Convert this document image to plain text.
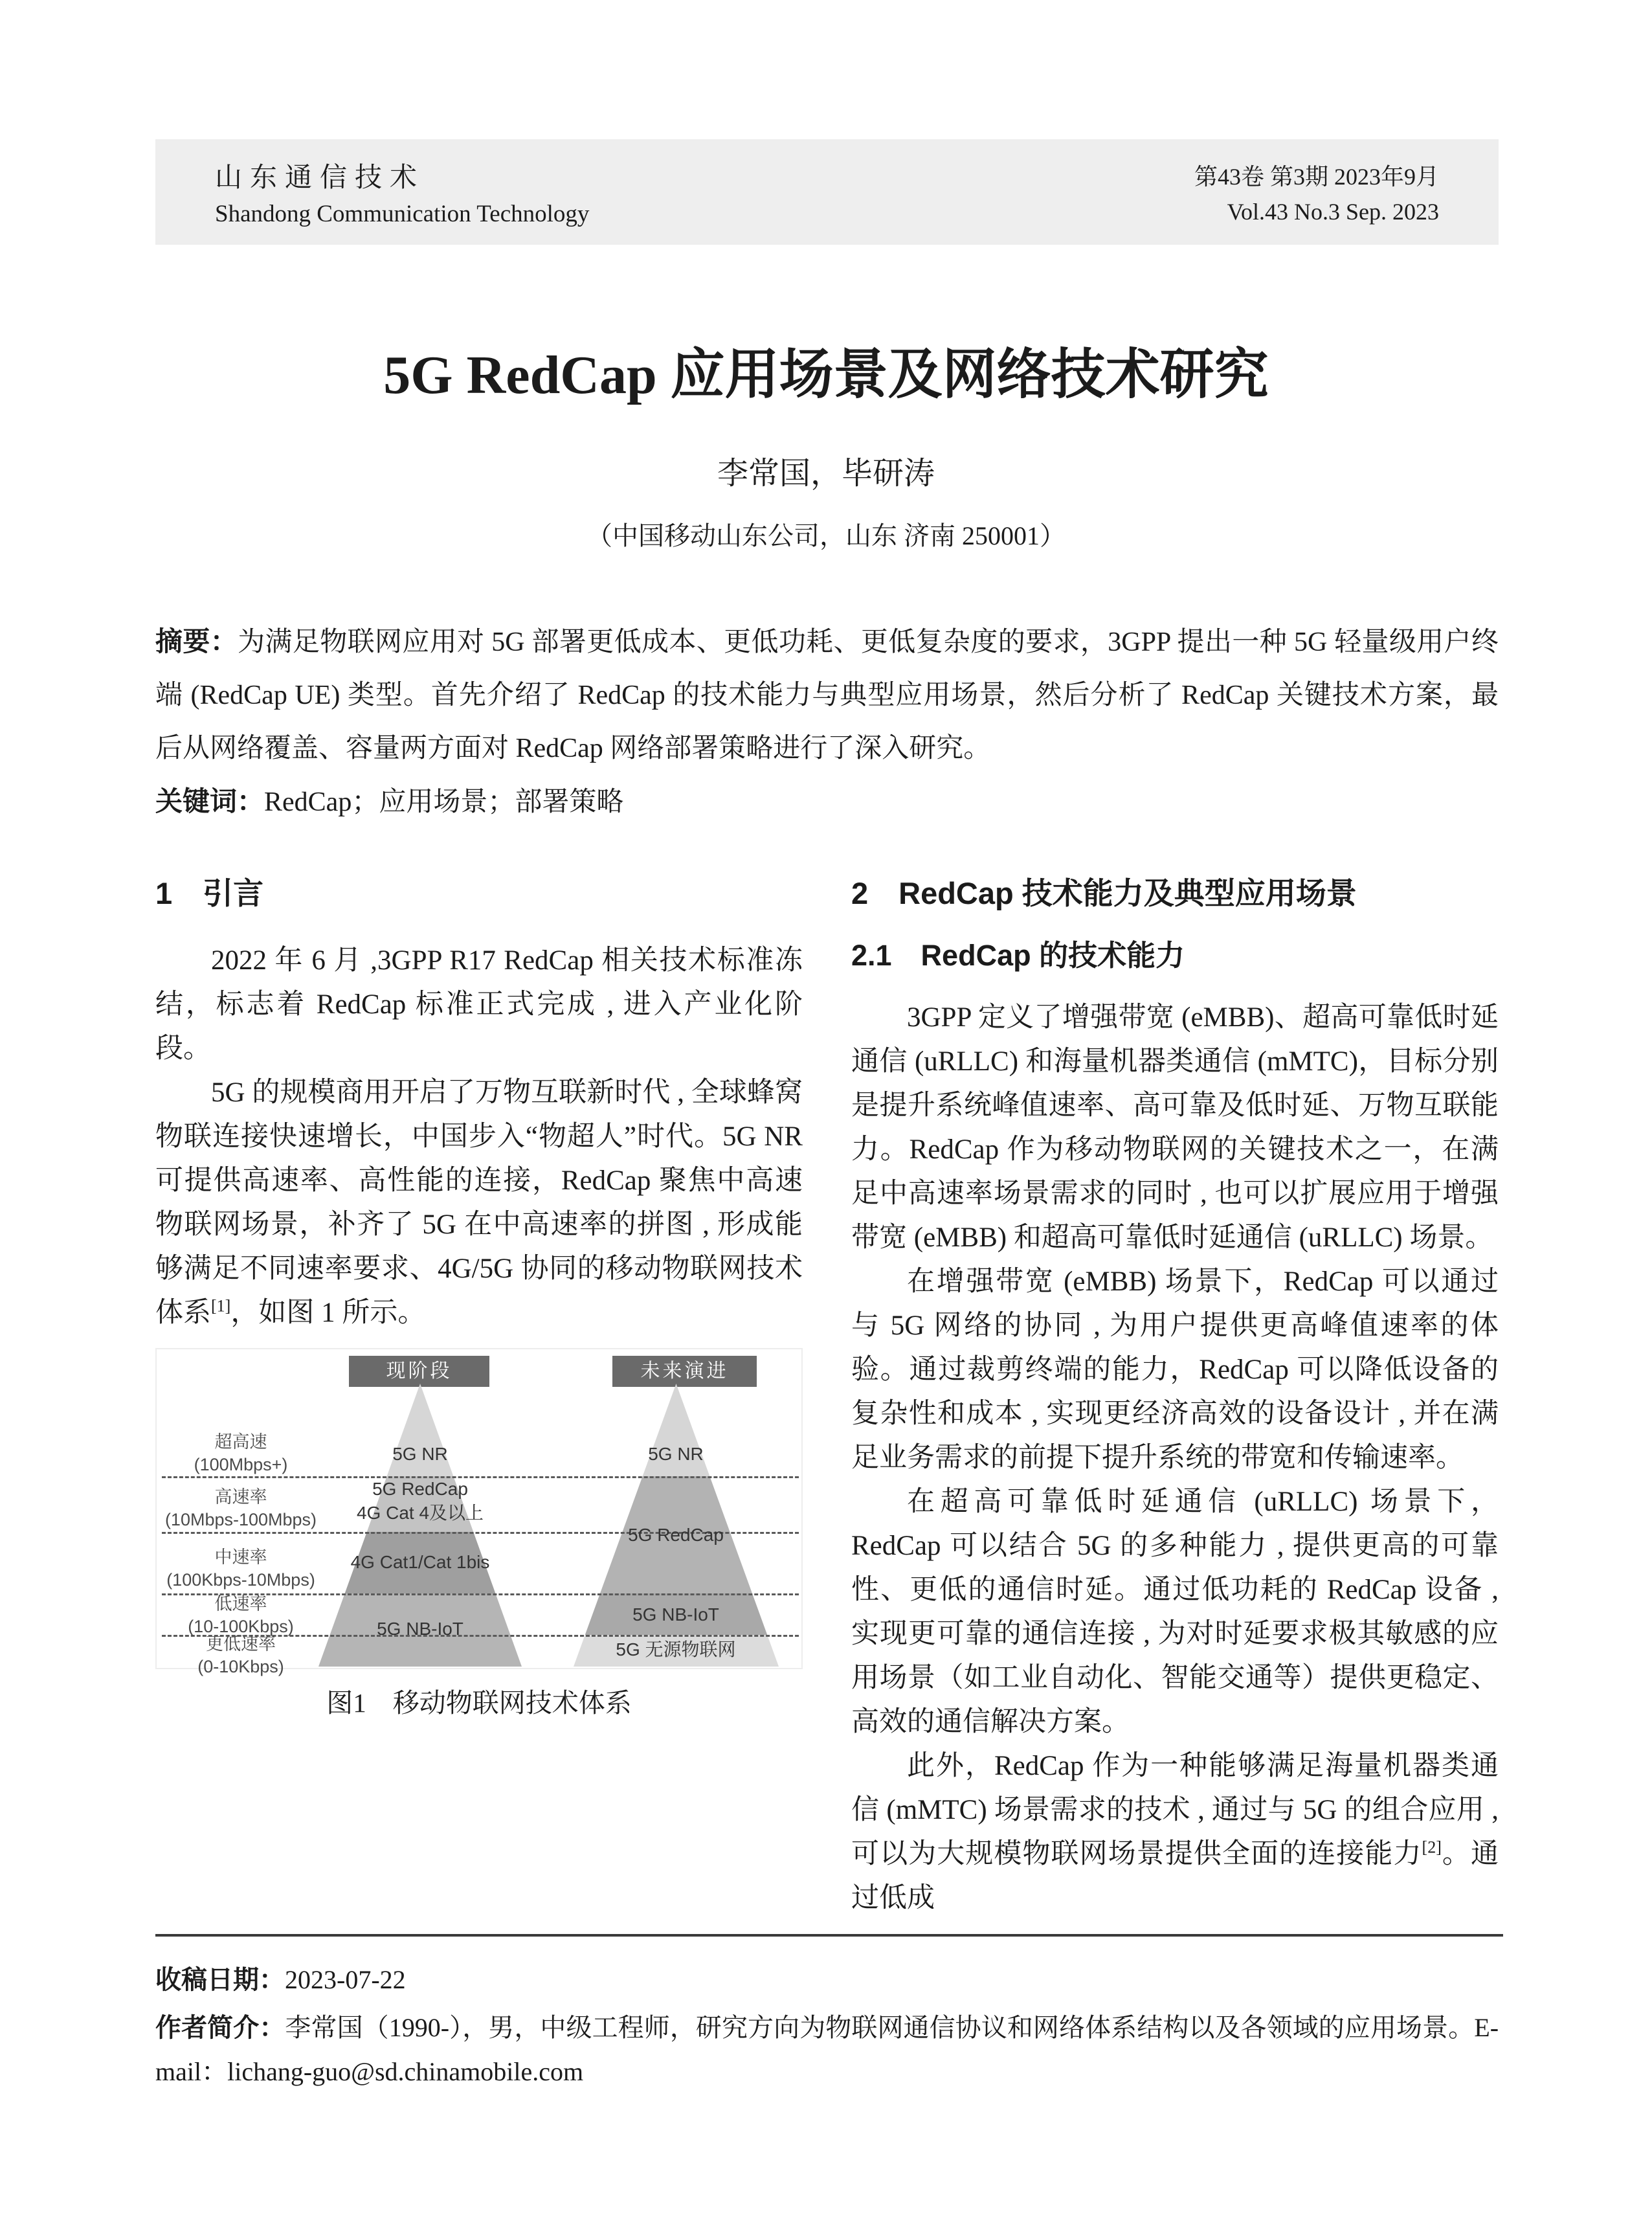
山东通信技术
Shandong Communication Technology
第43卷 第3期 2023年9月
Vol.43 No.3 Sep. 2023
5G RedCap 应用场景及网络技术研究
李常国，毕研涛
（中国移动山东公司，山东 济南 250001）

摘要：为满足物联网应用对 5G 部署更低成本、更低功耗、更低复杂度的要求，3GPP 提出一种 5G 轻量级用户终端 (RedCap UE) 类型。首先介绍了 RedCap 的技术能力与典型应用场景，然后分析了 RedCap 关键技术方案，最后从网络覆盖、容量两方面对 RedCap 网络部署策略进行了深入研究。

关键词：RedCap；应用场景；部署策略

1　引言

2022 年 6 月 ,3GPP R17 RedCap 相关技术标准冻结，标志着 RedCap 标准正式完成 , 进入产业化阶段。

5G 的规模商用开启了万物互联新时代 , 全球蜂窝物联连接快速增长，中国步入“物超人”时代。5G NR 可提供高速率、高性能的连接，RedCap 聚焦中高速物联网场景，补齐了 5G 在中高速率的拼图 , 形成能够满足不同速率要求、4G/5G 协同的移动物联网技术体系[1]，如图 1 所示。

现阶段	未来演进
超高速
(100Mbps+)
高速率
(10Mbps-100Mbps)
中速率
(100Kbps-10Mbps)
低速率
(10-100Kbps)
更低速率
(0-10Kbps)
5G NR
5G RedCap
4G Cat 4及以上
4G Cat1/Cat 1bis
5G NB-IoT
5G NR
5G RedCap
5G NB-IoT
5G 无源物联网

图1　移动物联网技术体系

2　RedCap 技术能力及典型应用场景
2.1　RedCap 的技术能力

3GPP 定义了增强带宽 (eMBB)、超高可靠低时延通信 (uRLLC) 和海量机器类通信 (mMTC)，目标分别是提升系统峰值速率、高可靠及低时延、万物互联能力。RedCap 作为移动物联网的关键技术之一，在满足中高速率场景需求的同时 , 也可以扩展应用于增强带宽 (eMBB) 和超高可靠低时延通信 (uRLLC) 场景。

在增强带宽 (eMBB) 场景下，RedCap 可以通过与 5G 网络的协同 , 为用户提供更高峰值速率的体验。通过裁剪终端的能力，RedCap 可以降低设备的复杂性和成本 , 实现更经济高效的设备设计 , 并在满足业务需求的前提下提升系统的带宽和传输速率。

在超高可靠低时延通信 (uRLLC) 场景下，RedCap 可以结合 5G 的多种能力 , 提供更高的可靠性、更低的通信时延。通过低功耗的 RedCap 设备 , 实现更可靠的通信连接 , 为对时延要求极其敏感的应用场景（如工业自动化、智能交通等）提供更稳定、高效的通信解决方案。

此外，RedCap 作为一种能够满足海量机器类通信 (mMTC) 场景需求的技术 , 通过与 5G 的组合应用 , 可以为大规模物联网场景提供全面的连接能力[2]。通过低成

收稿日期：2023-07-22

作者简介：李常国（1990-），男，中级工程师，研究方向为物联网通信协议和网络体系结构以及各领域的应用场景。E-mail：lichang-guo@sd.chinamobile.com
